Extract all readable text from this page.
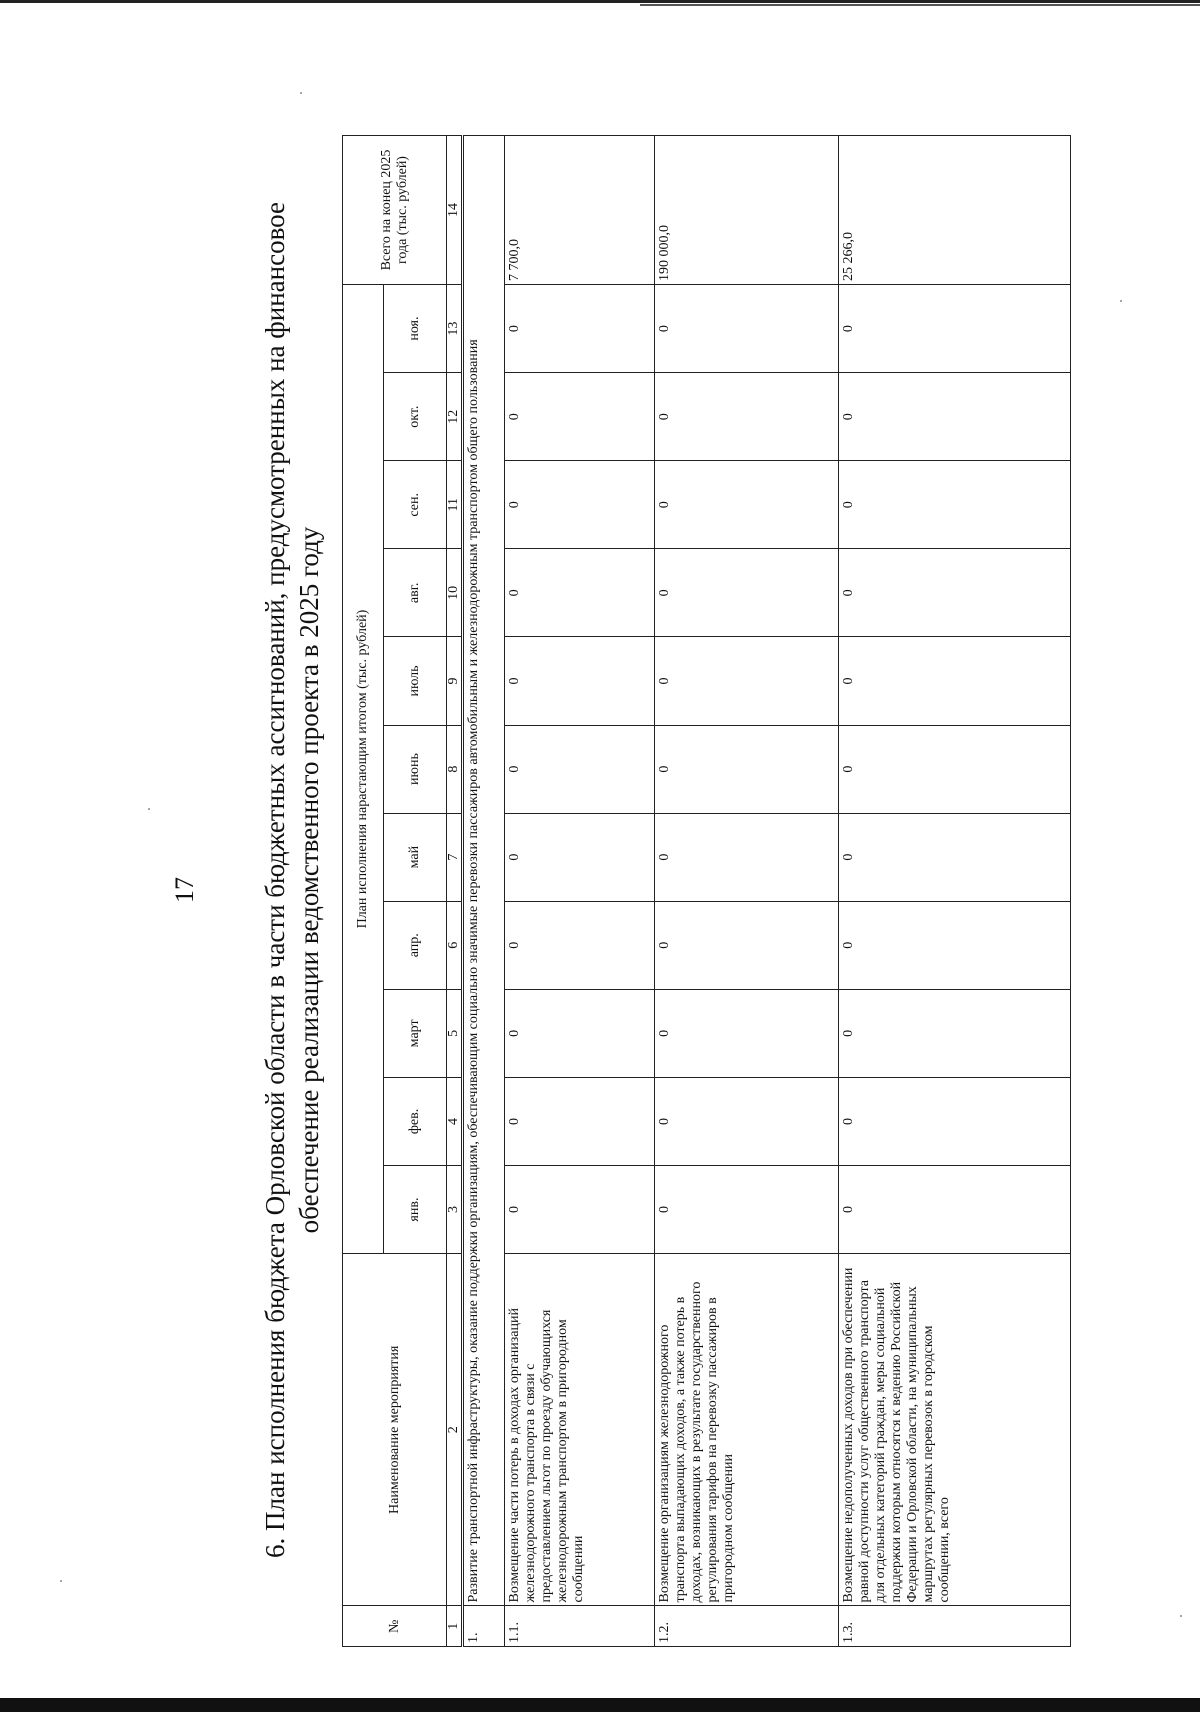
17 6. План исполнения бюджета Орловской области в части бюджетных ассигнований, предусмотренных на финансовое обеспечение реализации ведомственного проекта в 2025 году
№	Наименование мероприятия	План исполнения нарастающим итогом (тыс. рублей)											Всего на конец 2025 года (тыс. рублей)
		янв.	фев.	март	апр.	май	июнь	июль	авг.	сен.	окт.	ноя.	
1	2	3	4	5	6	7	8	9	10	11	12	13	14
1.	Развитие транспортной инфраструктуры, оказание поддержки организациям, обеспечивающим социально значимые перевозки пассажиров автомобильным и железнодорожным транспортом общего пользования												
1.1.	Возмещение части потерь в доходах организаций железнодорожного транспорта в связи с предоставлением льгот по проезду обучающихся железнодорожным транспортом в пригородном сообщении	0	0	0	0	0	0	0	0	0	0	0	7 700,0
1.2.	Возмещение организациям железнодорожного транспорта выпадающих доходов, а также потерь в доходах, возникающих в результате государственного регулирования тарифов на перевозку пассажиров в пригородном сообщении	0	0	0	0	0	0	0	0	0	0	0	190 000,0
1.3.	Возмещение недополученных доходов при обеспечении равной доступности услуг общественного транспорта для отдельных категорий граждан, меры социальной поддержки которым относятся к ведению Российской Федерации и Орловской области, на муниципальных маршрутах регулярных перевозок в городском сообщении, всего	0	0	0	0	0	0	0	0	0	0	0	25 266,0
